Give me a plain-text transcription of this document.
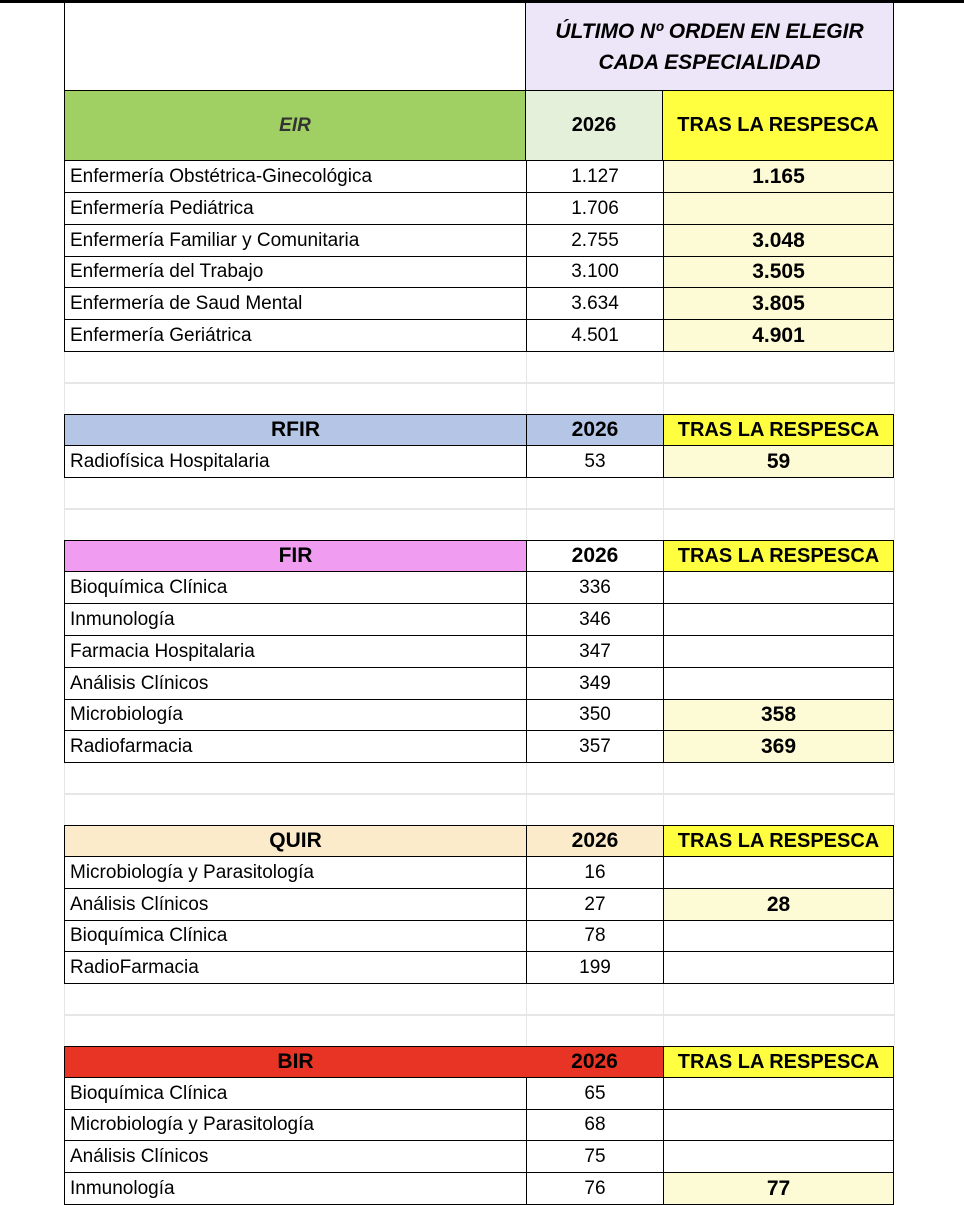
ÚLTIMO Nº ORDEN EN ELEGIR
CADA ESPECIALIDAD
EIR	2026	TRAS LA RESPESCA
Enfermería Obstétrica-Ginecológica	1.127	1.165
Enfermería Pediátrica	1.706
Enfermería Familiar y Comunitaria	2.755	3.048
Enfermería del Trabajo	3.100	3.505
Enfermería de Saud Mental	3.634	3.805
Enfermería Geriátrica	4.501	4.901
RFIR	2026	TRAS LA RESPESCA
Radiofísica Hospitalaria	53	59
FIR	2026	TRAS LA RESPESCA
Bioquímica Clínica	336
Inmunología	346
Farmacia Hospitalaria	347
Análisis Clínicos	349
Microbiología	350	358
Radiofarmacia	357	369
QUIR	2026	TRAS LA RESPESCA
Microbiología y Parasitología	16
Análisis Clínicos	27	28
Bioquímica Clínica	78
RadioFarmacia	199
BIR	2026	TRAS LA RESPESCA
Bioquímica Clínica	65
Microbiología y Parasitología	68
Análisis Clínicos	75
Inmunología	76	77
